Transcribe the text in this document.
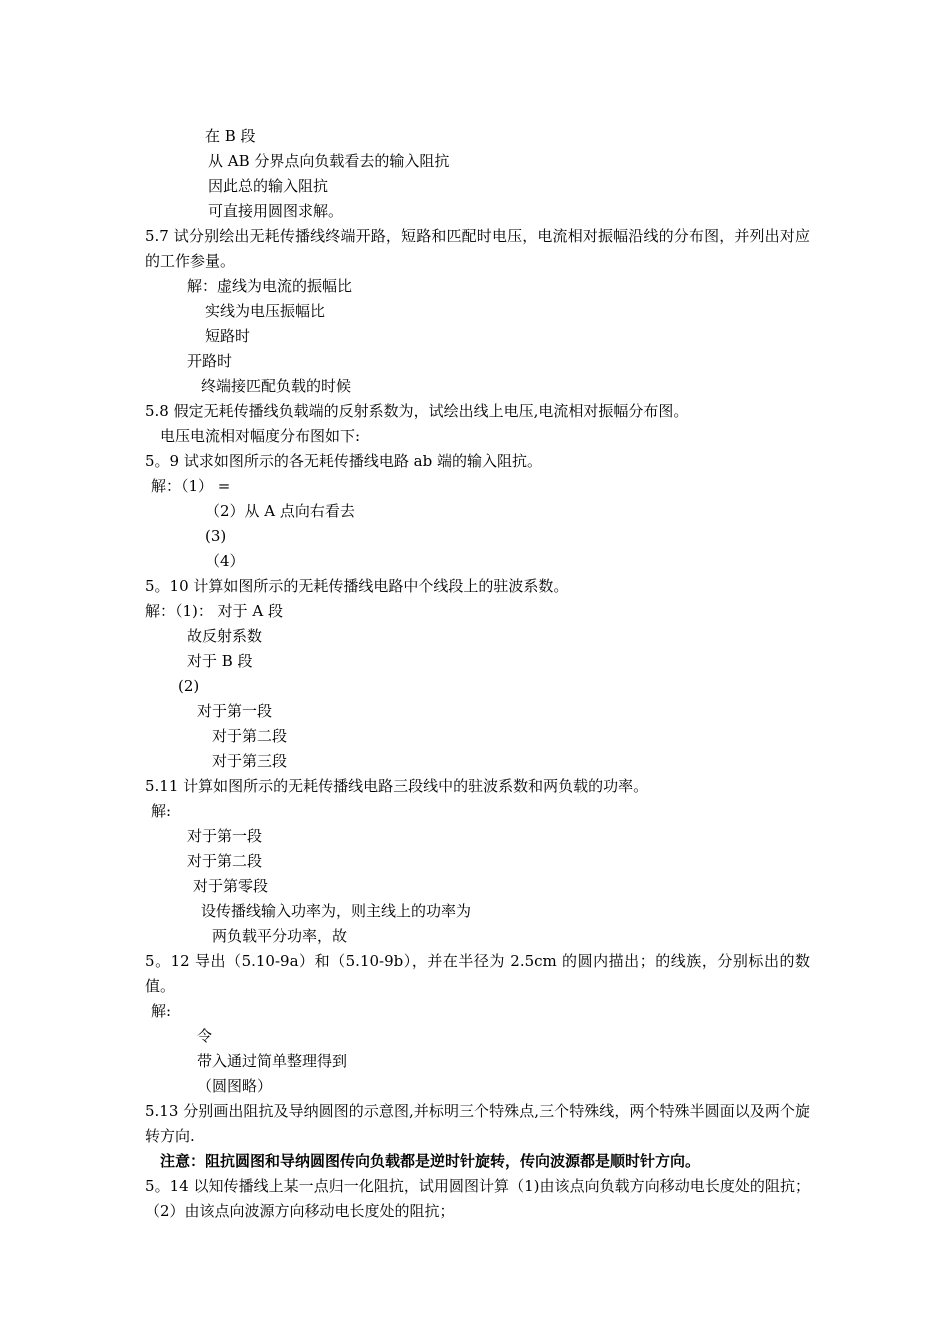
在 B 段
从 AB 分界点向负载看去的输入阻抗
因此总的输入阻抗
可直接用圆图求解。
5.7 试分别绘出无耗传播线终端开路，短路和匹配时电压，电流相对振幅沿线的分布图，并列出对应的工作参量。
解：虚线为电流的振幅比
实线为电压振幅比
短路时
开路时
终端接匹配负载的时候
5.8 假定无耗传播线负载端的反射系数为，试绘出线上电压,电流相对振幅分布图。
电压电流相对幅度分布图如下:
5。9 试求如图所示的各无耗传播线电路 ab 端的输入阻抗。
解：（1） =
（2）从 A 点向右看去
(3)
（4）
5。10 计算如图所示的无耗传播线电路中个线段上的驻波系数。
解：（1)： 对于 A 段
故反射系数
对于 B 段
(2)
对于第一段
对于第二段
对于第三段
5.11 计算如图所示的无耗传播线电路三段线中的驻波系数和两负载的功率。
解:
对于第一段
对于第二段
对于第零段
设传播线输入功率为，则主线上的功率为
两负载平分功率，故
5。12 导出（5.10-9a）和（5.10-9b），并在半径为 2.5cm 的圆内描出；的线族，分别标出的数值。
解:
令
带入通过简单整理得到
（圆图略）
5.13 分别画出阻抗及导纳圆图的示意图,并标明三个特殊点,三个特殊线，两个特殊半圆面以及两个旋转方向.
注意：阻抗圆图和导纳圆图传向负载都是逆时针旋转，传向波源都是顺时针方向。
5。14 以知传播线上某一点归一化阻抗，试用圆图计算（1)由该点向负载方向移动电长度处的阻抗；（2）由该点向波源方向移动电长度处的阻抗；
